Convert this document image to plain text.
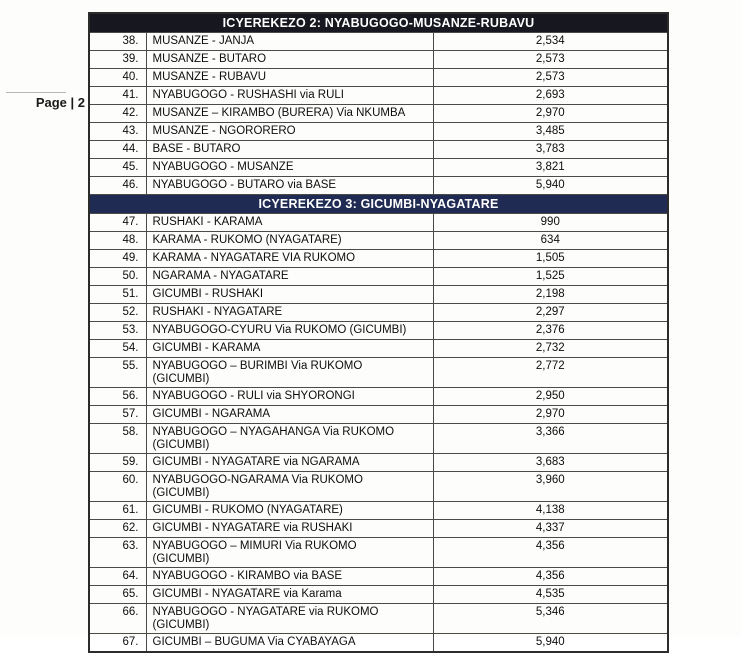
Page | 2
ICYEREKEZO 2: NYABUGOGO-MUSANZE-RUBAVU		
38.	MUSANZE - JANJA	2,534
39.	MUSANZE - BUTARO	2,573
40.	MUSANZE - RUBAVU	2,573
41.	NYABUGOGO - RUSHASHI via RULI	2,693
42.	MUSANZE – KIRAMBO (BURERA) Via NKUMBA	2,970
43.	MUSANZE - NGORORERO	3,485
44.	BASE - BUTARO	3,783
45.	NYABUGOGO - MUSANZE	3,821
46.	NYABUGOGO - BUTARO via BASE	5,940
ICYEREKEZO 3: GICUMBI-NYAGATARE		
47.	RUSHAKI - KARAMA	990
48.	KARAMA - RUKOMO (NYAGATARE)	634
49.	KARAMA - NYAGATARE VIA RUKOMO	1,505
50.	NGARAMA - NYAGATARE	1,525
51.	GICUMBI - RUSHAKI	2,198
52.	RUSHAKI - NYAGATARE	2,297
53.	NYABUGOGO-CYURU Via RUKOMO (GICUMBI)	2,376
54.	GICUMBI - KARAMA	2,732
55.	NYABUGOGO – BURIMBI Via RUKOMO
(GICUMBI)	2,772
56.	NYABUGOGO - RULI via SHYORONGI	2,950
57.	GICUMBI - NGARAMA	2,970
58.	NYABUGOGO – NYAGAHANGA Via RUKOMO
(GICUMBI)	3,366
59.	GICUMBI - NYAGATARE via NGARAMA	3,683
60.	NYABUGOGO-NGARAMA Via RUKOMO
(GICUMBI)	3,960
61.	GICUMBI - RUKOMO (NYAGATARE)	4,138
62.	GICUMBI - NYAGATARE via RUSHAKI	4,337
63.	NYABUGOGO – MIMURI Via RUKOMO
(GICUMBI)	4,356
64.	NYABUGOGO - KIRAMBO via BASE	4,356
65.	GICUMBI - NYAGATARE via Karama	4,535
66.	NYABUGOGO - NYAGATARE via RUKOMO
(GICUMBI)	5,346
67.	GICUMBI – BUGUMA Via CYABAYAGA	5,940
